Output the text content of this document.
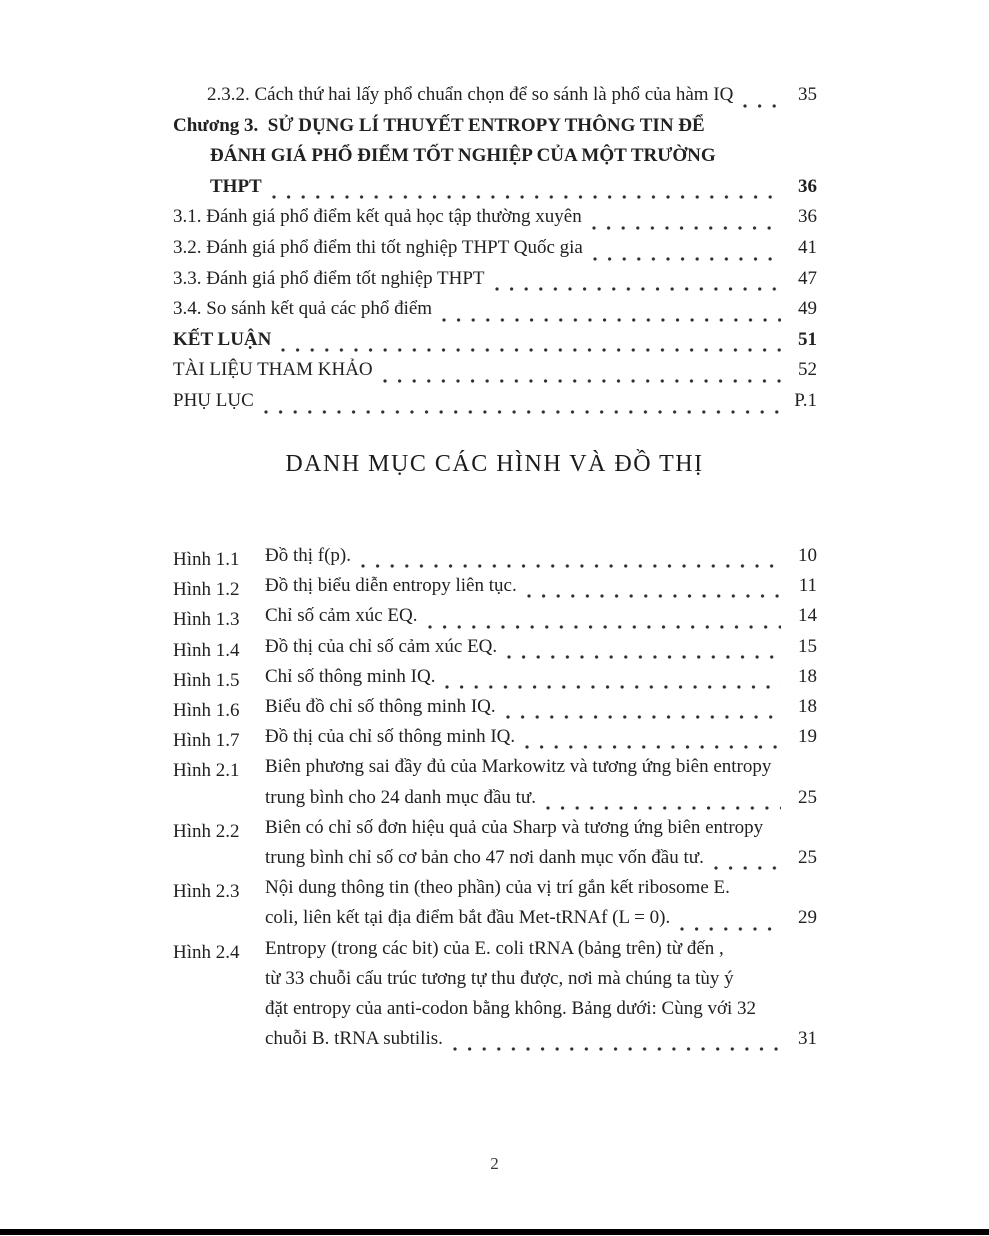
2.3.2. Cách thứ hai lấy phổ chuẩn chọn để so sánh là phổ của hàm IQ	35
Chương 3.  SỬ DỤNG LÍ THUYẾT ENTROPY THÔNG TIN ĐỂ
ĐÁNH GIÁ PHỔ ĐIỂM TỐT NGHIỆP CỦA MỘT TRƯỜNG
THPT	36
3.1. Đánh giá phổ điểm kết quả học tập thường xuyên	36
3.2. Đánh giá phổ điểm thi tốt nghiệp THPT Quốc gia	41
3.3. Đánh giá phổ điểm tốt nghiệp THPT	47
3.4. So sánh kết quả các phổ điểm	49
KẾT LUẬN	51
TÀI LIỆU THAM KHẢO	52
PHỤ LỤC	P.1
DANH MỤC CÁC HÌNH VÀ ĐỒ THỊ
Hình 1.1	Đồ thị f(p).	10
Hình 1.2	Đồ thị biểu diễn entropy liên tục.	11
Hình 1.3	Chỉ số cảm xúc EQ.	14
Hình 1.4	Đồ thị của chỉ số cảm xúc EQ.	15
Hình 1.5	Chỉ số thông minh IQ.	18
Hình 1.6	Biểu đồ chỉ số thông minh IQ.	18
Hình 1.7	Đồ thị của chỉ số thông minh IQ.	19
Hình 2.1	Biên phương sai đầy đủ của Markowitz và tương ứng biên entropy
trung bình cho 24 danh mục đầu tư.	25
Hình 2.2	Biên có chỉ số đơn hiệu quả của Sharp và tương ứng biên entropy
trung bình chỉ số cơ bản cho 47 nơi danh mục vốn đầu tư.	25
Hình 2.3	Nội dung thông tin (theo phần) của vị trí gắn kết ribosome E.
coli, liên kết tại địa điểm bắt đầu Met-tRNAf (L = 0).	29
Hình 2.4	Entropy (trong các bit) của E. coli tRNA (bảng trên) từ đến ,
từ 33 chuỗi cấu trúc tương tự thu được, nơi mà chúng ta tùy ý
đặt entropy của anti-codon bằng không. Bảng dưới: Cùng với 32
chuỗi B. tRNA subtilis.	31
2
